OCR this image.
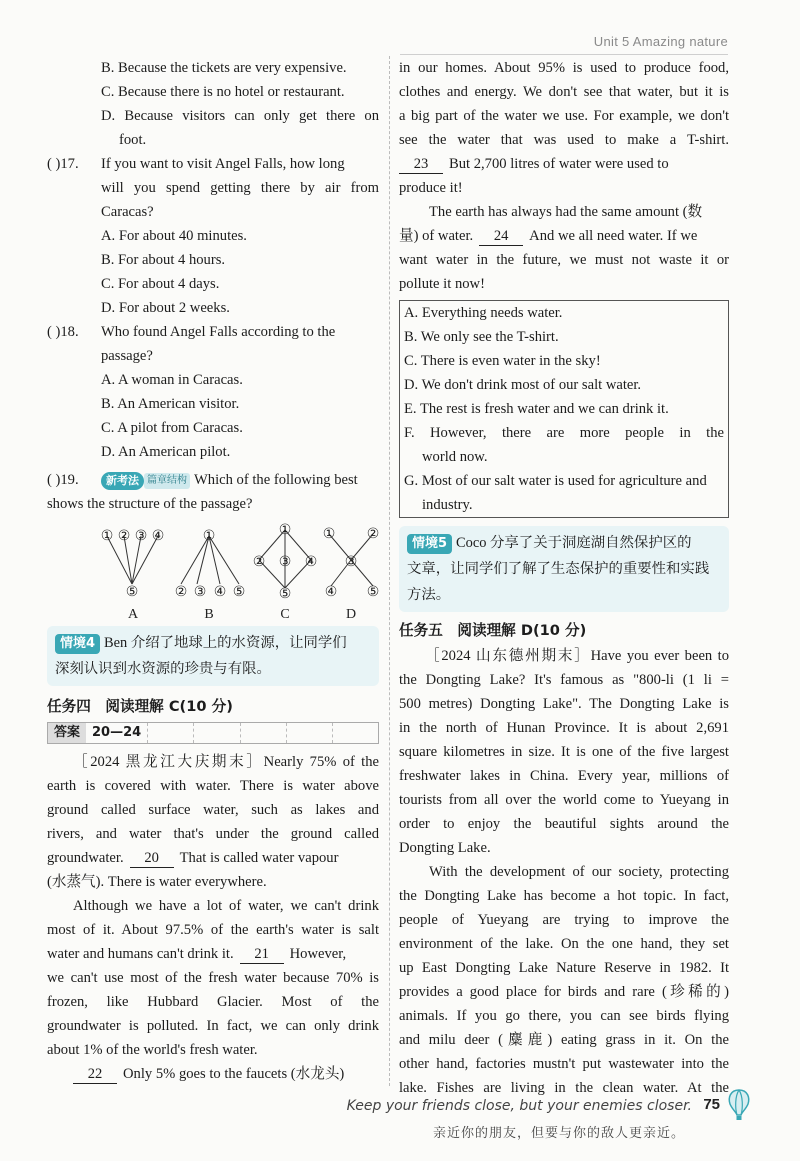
Unit 5 Amazing nature
B. Because the tickets are very expensive.
C. Because there is no hotel or restaurant.
D. Because visitors can only get there on
foot.
( )17. If you want to visit Angel Falls, how long
will you spend getting there by air from
Caracas?
A. For about 40 minutes.
B. For about 4 hours.
C. For about 4 days.
D. For about 2 weeks.
( )18. Who found Angel Falls according to the
passage?
A. A woman in Caracas.
B. An American visitor.
C. A pilot from Caracas.
D. An American pilot.
( )19. 新考法 篇章结构 Which of the following best
shows the structure of the passage?
① ② ③ ④
⑤
①
② ③ ④ ⑤
①
② ③ ④
⑤
① ②
③
④ ⑤
A	B	C	D
情境4 Ben 介绍了地球上的水资源，让同学们
深刻认识到水资源的珍贵与有限。
任务四　阅读理解 C(10 分)
答案 20—24
［2024 黑龙江大庆期末］Nearly 75% of the
earth is covered with water. There is water above
ground called surface water, such as lakes and
rivers, and water that's under the ground called
groundwater. 20 That is called water vapour
(水蒸气). There is water everywhere.
Although we have a lot of water, we can't drink
most of it. About 97.5% of the earth's water is salt
water and humans can't drink it. 21 However,
we can't use most of the fresh water because 70% is
frozen, like Hubbard Glacier. Most of the
groundwater is polluted. In fact, we can only drink
about 1% of the world's fresh water.
22 Only 5% goes to the faucets (水龙头)
in our homes. About 95% is used to produce food,
clothes and energy. We don't see that water, but it is
a big part of the water we use. For example, we don't
see the water that was used to make a T-shirt.
23 But 2,700 litres of water were used to
produce it!
The earth has always had the same amount (数
量) of water. 24 And we all need water. If we
want water in the future, we must not waste it or
pollute it now!
A. Everything needs water.
B. We only see the T-shirt.
C. There is even water in the sky!
D. We don't drink most of our salt water.
E. The rest is fresh water and we can drink it.
F. However, there are more people in the
world now.
G. Most of our salt water is used for agriculture and
industry.
情境5 Coco 分享了关于洞庭湖自然保护区的
文章，让同学们了解了生态保护的重要性和实践
方法。
任务五　阅读理解 D(10 分)
［2024 山东德州期末］Have you ever been to
the Dongting Lake? It's famous as "800-li (1 li =
500 metres) Dongting Lake". The Dongting Lake is
in the north of Hunan Province. It is about 2,691
square kilometres in size. It is one of the five largest
freshwater lakes in China. Every year, millions of
tourists from all over the world come to Yueyang in
order to enjoy the beautiful sights around the
Dongting Lake.
With the development of our society, protecting
the Dongting Lake has become a hot topic. In fact,
people of Yueyang are trying to improve the
environment of the lake. On the one hand, they set
up East Dongting Lake Nature Reserve in 1982. It
provides a good place for birds and rare (珍稀的)
animals. If you go there, you can see birds flying
and milu deer (麋鹿) eating grass in it. On the
other hand, factories mustn't put wastewater into the
lake. Fishes are living in the clean water. At the
Keep your friends close, but your enemies closer.
亲近你的朋友，但要与你的敌人更亲近。
75
